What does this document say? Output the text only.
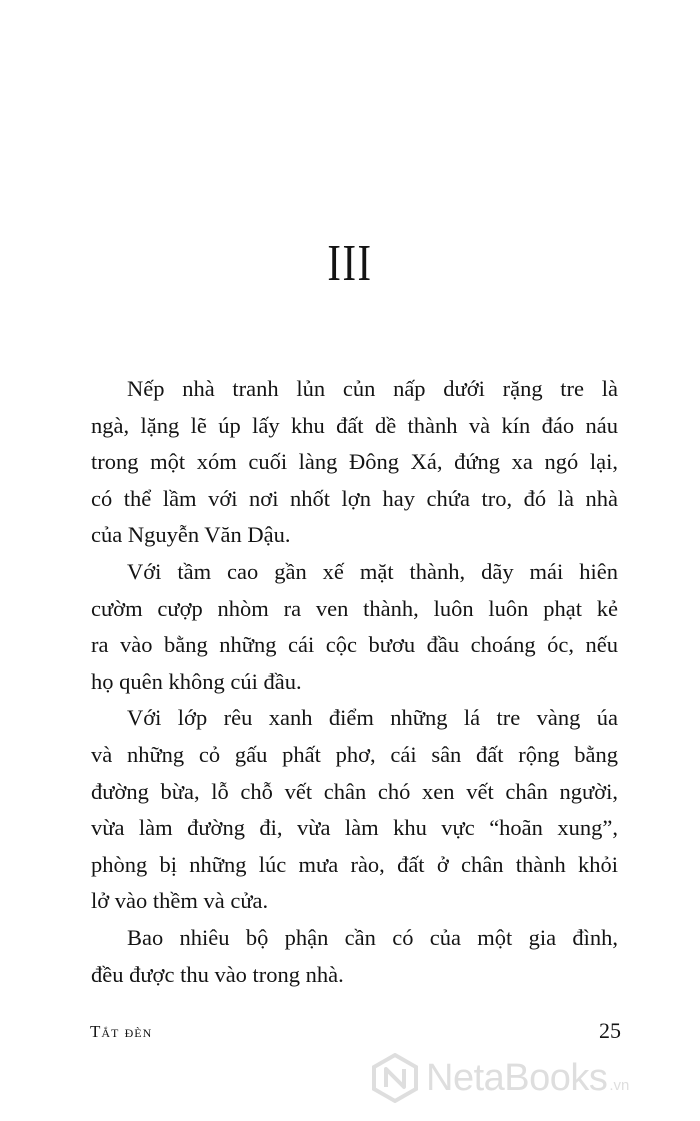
III
Nếp nhà tranh lủn củn nấp dưới rặng tre là
ngà, lặng lẽ úp lấy khu đất dề thành và kín đáo náu
trong một xóm cuối làng Đông Xá, đứng xa ngó lại,
có thể lầm với nơi nhốt lợn hay chứa tro, đó là nhà
của Nguyễn Văn Dậu.
Với tầm cao gần xế mặt thành, dãy mái hiên
cườm cượp nhòm ra ven thành, luôn luôn phạt kẻ
ra vào bằng những cái cộc bươu đầu choáng óc, nếu
họ quên không cúi đầu.
Với lớp rêu xanh điểm những lá tre vàng úa
và những cỏ gấu phất phơ, cái sân đất rộng bằng
đường bừa, lỗ chỗ vết chân chó xen vết chân người,
vừa làm đường đi, vừa làm khu vực “hoãn xung”,
phòng bị những lúc mưa rào, đất ở chân thành khỏi
lở vào thềm và cửa.
Bao nhiêu bộ phận cần có của một gia đình,
đều được thu vào trong nhà.
Tắt đèn	25
NetaBooks .vn
